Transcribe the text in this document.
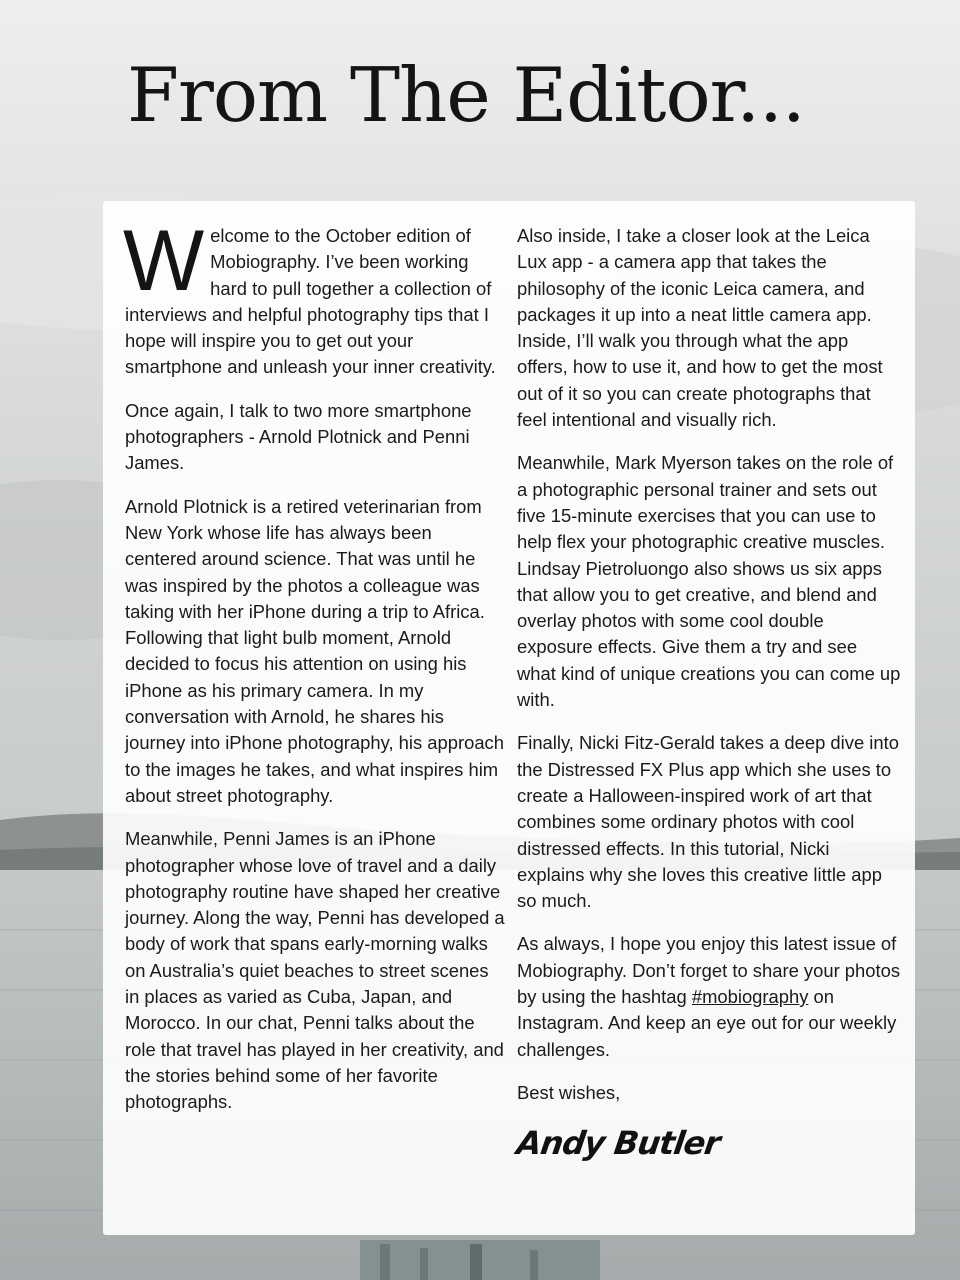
From The Editor...

Welcome to the October edition of Mobiography. I’ve been working hard to pull together a collection of interviews and helpful photography tips that I hope will inspire you to get out your smartphone and unleash your inner creativity.

Once again, I talk to two more smartphone photographers - Arnold Plotnick and Penni James.

Arnold Plotnick is a retired veterinarian from New York whose life has always been centered around science. That was until he was inspired by the photos a colleague was taking with her iPhone during a trip to Africa. Following that light bulb moment, Arnold decided to focus his attention on using his iPhone as his primary camera. In my conversation with Arnold, he shares his journey into iPhone photography, his approach to the images he takes, and what inspires him about street photography.

Meanwhile, Penni James is an iPhone photographer whose love of travel and a daily photography routine have shaped her creative journey. Along the way, Penni has developed a body of work that spans early-morning walks on Australia’s quiet beaches to street scenes in places as varied as Cuba, Japan, and Morocco. In our chat, Penni talks about the role that travel has played in her creativity, and the stories behind some of her favorite photographs.

Also inside, I take a closer look at the Leica Lux app - a camera app that takes the philosophy of the iconic Leica camera, and packages it up into a neat little camera app. Inside, I’ll walk you through what the app offers, how to use it, and how to get the most out of it so you can create photographs that feel intentional and visually rich.

Meanwhile, Mark Myerson takes on the role of a photographic personal trainer and sets out five 15-minute exercises that you can use to help flex your photographic creative muscles. Lindsay Pietroluongo also shows us six apps that allow you to get creative, and blend and overlay photos with some cool double exposure effects. Give them a try and see what kind of unique creations you can come up with.

Finally, Nicki Fitz-Gerald takes a deep dive into the Distressed FX Plus app which she uses to create a Halloween-inspired work of art that combines some ordinary photos with cool distressed effects. In this tutorial, Nicki explains why she loves this creative little app so much.

As always, I hope you enjoy this latest issue of Mobiography. Don’t forget to share your photos by using the hashtag #mobiography on Instagram. And keep an eye out for our weekly challenges.

Best wishes,

Andy Butler
